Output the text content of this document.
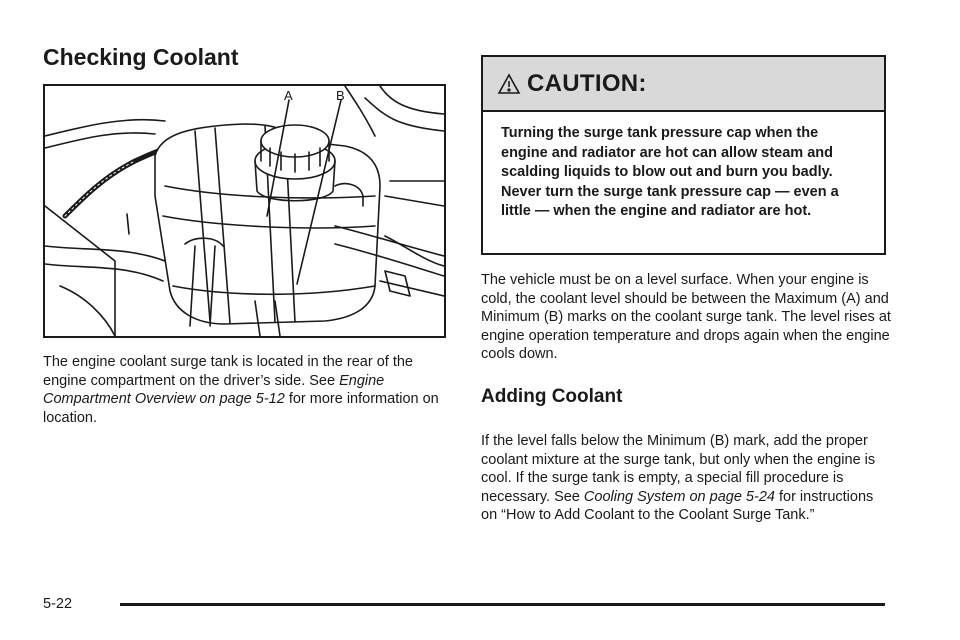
Checking Coolant
A	B

The engine coolant surge tank is located in the rear of the engine compartment on the driver’s side. See Engine Compartment Overview on page 5-12 for more information on location.

CAUTION:
Turning the surge tank pressure cap when the engine and radiator are hot can allow steam and scalding liquids to blow out and burn you badly. Never turn the surge tank pressure cap — even a little — when the engine and radiator are hot.

The vehicle must be on a level surface. When your engine is cold, the coolant level should be between the Maximum (A) and Minimum (B) marks on the coolant surge tank. The level rises at engine operation temperature and drops again when the engine cools down.

Adding Coolant

If the level falls below the Minimum (B) mark, add the proper coolant mixture at the surge tank, but only when the engine is cool. If the surge tank is empty, a special fill procedure is necessary. See Cooling System on page 5-24 for instructions on “How to Add Coolant to the Coolant Surge Tank.”

5-22
